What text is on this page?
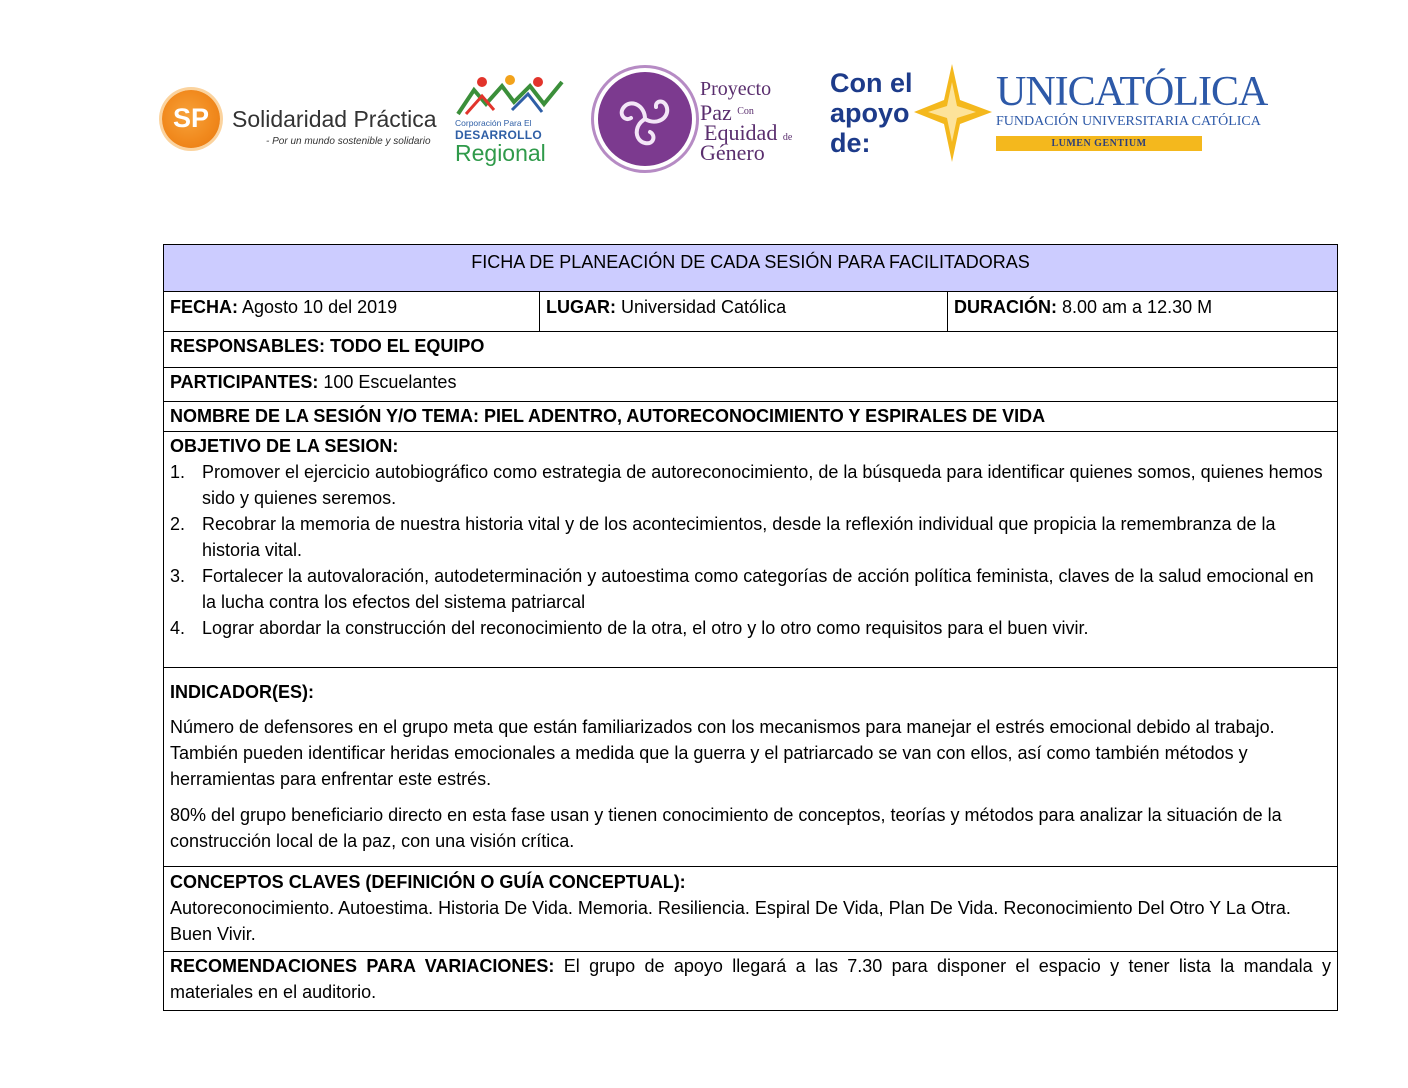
SP Solidaridad Práctica
- Por un mundo sostenible y solidario
Corporación Para El
DESARROLLO
Regional
Proyecto
Paz $^{Con}$
Equidad de
Género
Con el
apoyo
de:
UNICATÓLICA
FUNDACIÓN UNIVERSITARIA CATÓLICA
LUMEN GENTIUM
FICHA DE PLANEACIÓN DE CADA SESIÓN PARA FACILITADORAS
FECHA: Agosto 10 del 2019	LUGAR: Universidad Católica	DURACIÓN: 8.00 am a 12.30 M
RESPONSABLES: TODO EL EQUIPO
PARTICIPANTES: 100 Escuelantes
NOMBRE DE LA SESIÓN Y/O TEMA: PIEL ADENTRO, AUTORECONOCIMIENTO Y ESPIRALES DE VIDA
OBJETIVO DE LA SESION:
1. Promover el ejercicio autobiográfico como estrategia de autoreconocimiento, de la búsqueda para identificar quienes somos, quienes hemos sido y quienes seremos.
2. Recobrar la memoria de nuestra historia vital y de los acontecimientos, desde la reflexión individual que propicia la remembranza de la historia vital.
3. Fortalecer la autovaloración, autodeterminación y autoestima como categorías de acción política feminista, claves de la salud emocional en la lucha contra los efectos del sistema patriarcal
4. Lograr abordar la construcción del reconocimiento de la otra, el otro y lo otro como requisitos para el buen vivir.
INDICADOR(ES):
Número de defensores en el grupo meta que están familiarizados con los mecanismos para manejar el estrés emocional debido al trabajo. También pueden identificar heridas emocionales a medida que la guerra y el patriarcado se van con ellos, así como también métodos y herramientas para enfrentar este estrés.
80% del grupo beneficiario directo en esta fase usan y tienen conocimiento de conceptos, teorías y métodos para analizar la situación de la construcción local de la paz, con una visión crítica.
CONCEPTOS CLAVES (DEFINICIÓN O GUÍA CONCEPTUAL):
Autoreconocimiento. Autoestima. Historia De Vida. Memoria. Resiliencia. Espiral De Vida, Plan De Vida. Reconocimiento Del Otro Y La Otra. Buen Vivir.
RECOMENDACIONES PARA VARIACIONES: El grupo de apoyo llegará a las 7.30 para disponer el espacio y tener lista la mandala y materiales en el auditorio.
